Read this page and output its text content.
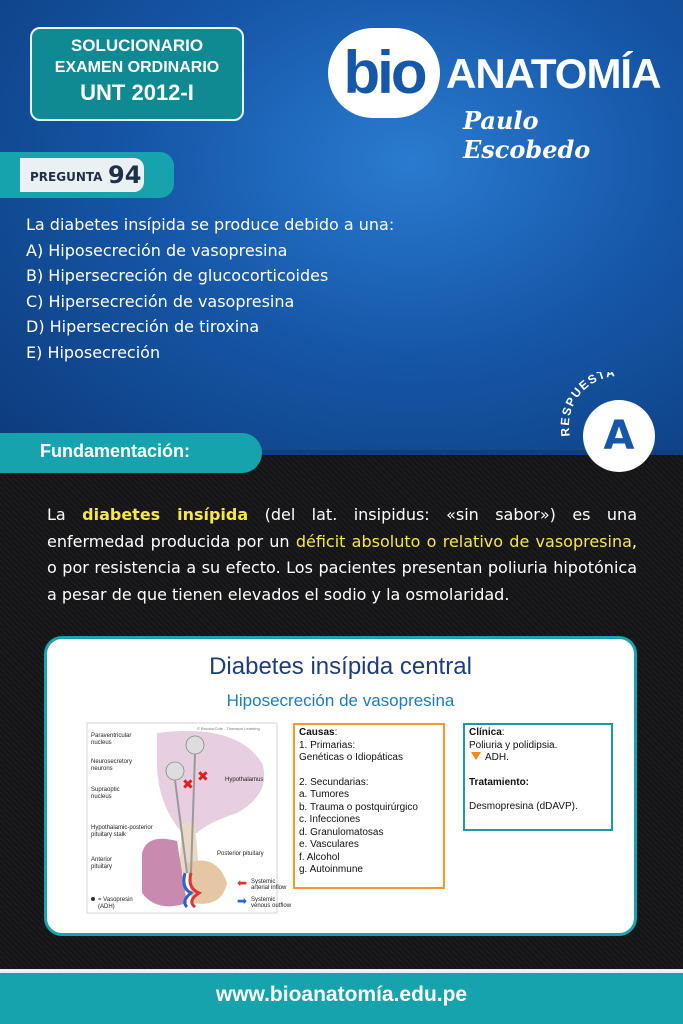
SOLUCIONARIO
EXAMEN ORDINARIO
UNT 2012-I	bio ANATOMÍA
Paulo Escobedo
PREGUNTA 94
La diabetes insípida se produce debido a una:
A) Hiposecreción de vasopresina
B) Hipersecreción de glucocorticoides
C) Hipersecreción de vasopresina
D) Hipersecreción de tiroxina
E) Hiposecreción
RESPUESTA
A
Fundamentación:
La diabetes insípida (del lat. insipidus: «sin sabor») es una enfermedad producida por un déficit absoluto o relativo de vasopresina, o por resistencia a su efecto. Los pacientes presentan poliuria hipotónica a pesar de que tienen elevados el sodio y la osmolaridad.
Diabetes insípida central
Hiposecreción de vasopresina
✖ ✖
⬅
➡
Paraventricular
nucleus
Neurosecretory
neurons
Supraoptic
nucleus
Hypothalamus
Hypothalamic-posterior
pituitary stalk
Anterior
pituitary
Posterior pituitary
Systemic
arterial inflow
Systemic
venous outflow
= Vasopresin
(ADH)
© Brooks/Cole - Thomson Learning	Causas:
1. Primarias:
Genéticas o Idiopáticas
2. Secundarias:
a. Tumores
b. Trauma o postquirúrgico
c. Infecciones
d. Granulomatosas
e. Vasculares
f. Alcohol
g. Autoinmune
Clínica:
Poliuria y polidipsia.
ADH.
Tratamiento:
Desmopresina (dDAVP).
www.bioanatomía.edu.pe
